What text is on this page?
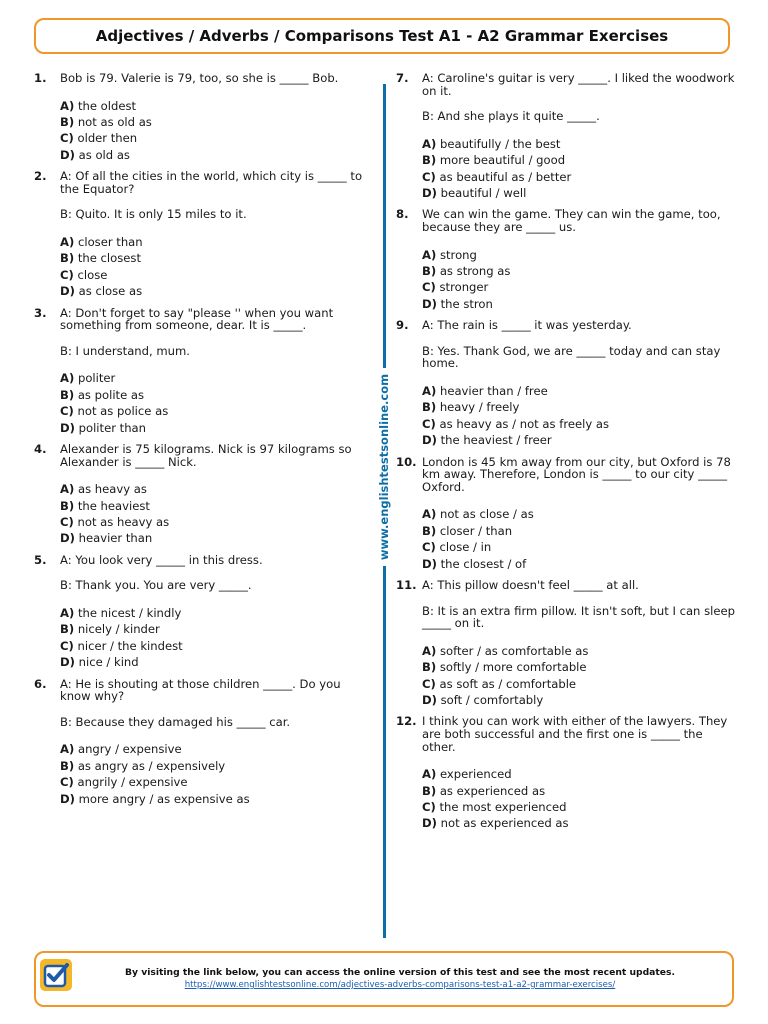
Adjectives / Adverbs / Comparisons Test A1 - A2 Grammar Exercises
1.	Bob is 79. Valerie is 79, too, so she is _____ Bob.
A) the oldest
B) not as old as
C) older then
D) as old as
2.	A: Of all the cities in the world, which city is _____ to the Equator?
B: Quito. It is only 15 miles to it.
A) closer than
B) the closest
C) close
D) as close as
3.	A: Don't forget to say "please '' when you want something from someone, dear. It is _____.
B: I understand, mum.
A) politer
B) as polite as
C) not as police as
D) politer than
4.	Alexander is 75 kilograms. Nick is 97 kilograms so Alexander is _____ Nick.
A) as heavy as
B) the heaviest
C) not as heavy as
D) heavier than
5.	A: You look very _____ in this dress.
B: Thank you. You are very _____.
A) the nicest / kindly
B) nicely / kinder
C) nicer / the kindest
D) nice / kind
6.	A: He is shouting at those children _____. Do you know why?
B: Because they damaged his _____ car.
A) angry / expensive
B) as angry as / expensively
C) angrily / expensive
D) more angry / as expensive as
www.englishtestsonline.com
7.	A: Caroline's guitar is very _____. I liked the woodwork on it.
B: And she plays it quite _____.
A) beautifully / the best
B) more beautiful / good
C) as beautiful as / better
D) beautiful / well
8.	We can win the game. They can win the game, too, because they are _____ us.
A) strong
B) as strong as
C) stronger
D) the stron
9.	A: The rain is _____ it was yesterday.
B: Yes. Thank God, we are _____ today and can stay home.
A) heavier than / free
B) heavy / freely
C) as heavy as / not as freely as
D) the heaviest / freer
10. London is 45 km away from our city, but Oxford is 78 km away. Therefore, London is _____ to our city _____ Oxford.
A) not as close / as
B) closer / than
C) close / in
D) the closest / of
11. A: This pillow doesn't feel _____ at all.
B: It is an extra firm pillow. It isn't soft, but I can sleep _____ on it.
A) softer / as comfortable as
B) softly / more comfortable
C) as soft as / comfortable
D) soft / comfortably
12. I think you can work with either of the lawyers. They are both successful and the first one is _____ the other.
A) experienced
B) as experienced as
C) the most experienced
D) not as experienced as
By visiting the link below, you can access the online version of this test and see the most recent updates.
https://www.englishtestsonline.com/adjectives-adverbs-comparisons-test-a1-a2-grammar-exercises/
